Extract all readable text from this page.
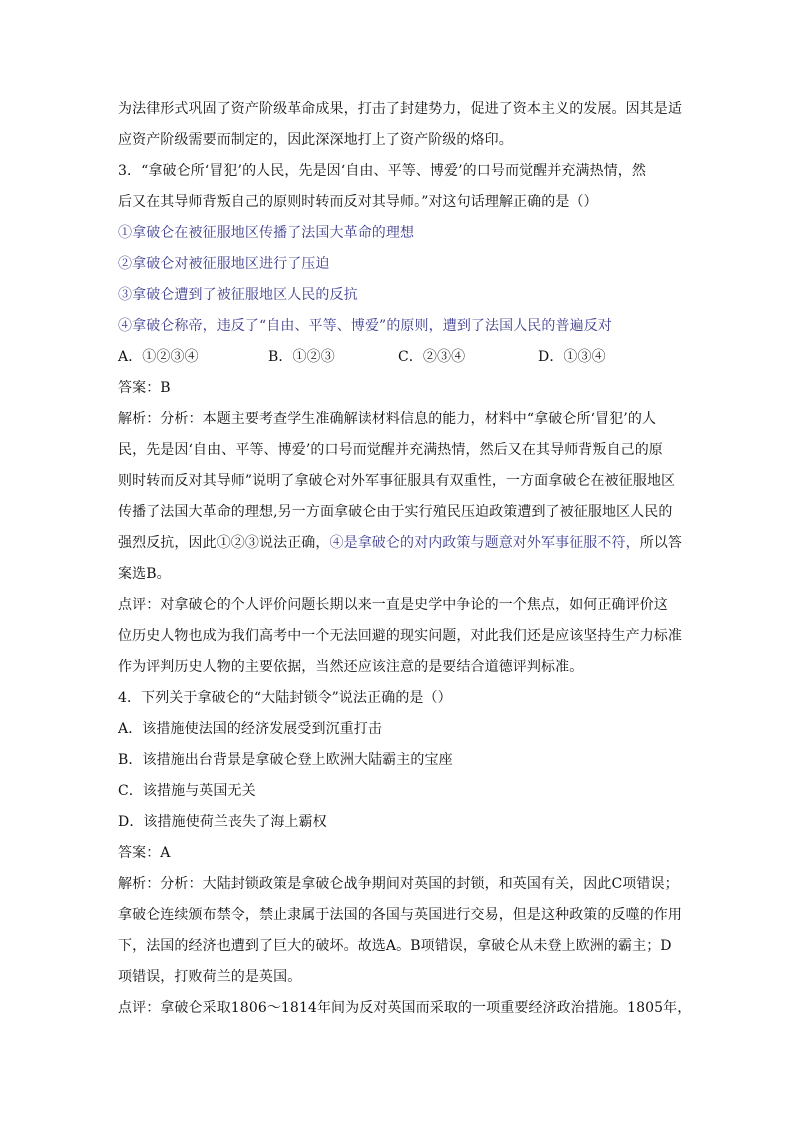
为法律形式巩固了资产阶级革命成果，打击了封建势力，促进了资本主义的发展。因其是适
应资产阶级需要而制定的，因此深深地打上了资产阶级的烙印。
3．“拿破仑所‘冒犯’的人民，先是因‘自由、平等、博爱’的口号而觉醒并充满热情，然
后又在其导师背叛自己的原则时转而反对其导师。”对这句话理解正确的是（）
①拿破仑在被征服地区传播了法国大革命的理想
②拿破仑对被征服地区进行了压迫
③拿破仑遭到了被征服地区人民的反抗
④拿破仑称帝，违反了“自由、平等、博爱”的原则，遭到了法国人民的普遍反对
A．①②③④	B．①②③	C．②③④	D．①③④
答案：B
解析：分析：本题主要考查学生准确解读材料信息的能力，材料中“拿破仑所‘冒犯’的人
民，先是因‘自由、平等、博爱’的口号而觉醒并充满热情，然后又在其导师背叛自己的原
则时转而反对其导师”说明了拿破仑对外军事征服具有双重性，一方面拿破仑在被征服地区
传播了法国大革命的理想,另一方面拿破仑由于实行殖民压迫政策遭到了被征服地区人民的
强烈反抗，因此①②③说法正确，④是拿破仑的对内政策与题意对外军事征服不符，所以答
案选B。
点评：对拿破仑的个人评价问题长期以来一直是史学中争论的一个焦点，如何正确评价这
位历史人物也成为我们高考中一个无法回避的现实问题，对此我们还是应该坚持生产力标准
作为评判历史人物的主要依据，当然还应该注意的是要结合道德评判标准。
4．下列关于拿破仑的“大陆封锁令”说法正确的是（）
A．该措施使法国的经济发展受到沉重打击
B．该措施出台背景是拿破仑登上欧洲大陆霸主的宝座
C．该措施与英国无关
D．该措施使荷兰丧失了海上霸权
答案：A
解析：分析：大陆封锁政策是拿破仑战争期间对英国的封锁，和英国有关，因此C项错误；
拿破仑连续颁布禁令，禁止隶属于法国的各国与英国进行交易，但是这种政策的反噬的作用
下，法国的经济也遭到了巨大的破坏。故选A。B项错误，拿破仑从未登上欧洲的霸主；D
项错误，打败荷兰的是英国。
点评：拿破仑采取1806～1814年间为反对英国而采取的一项重要经济政治措施。1805年，
